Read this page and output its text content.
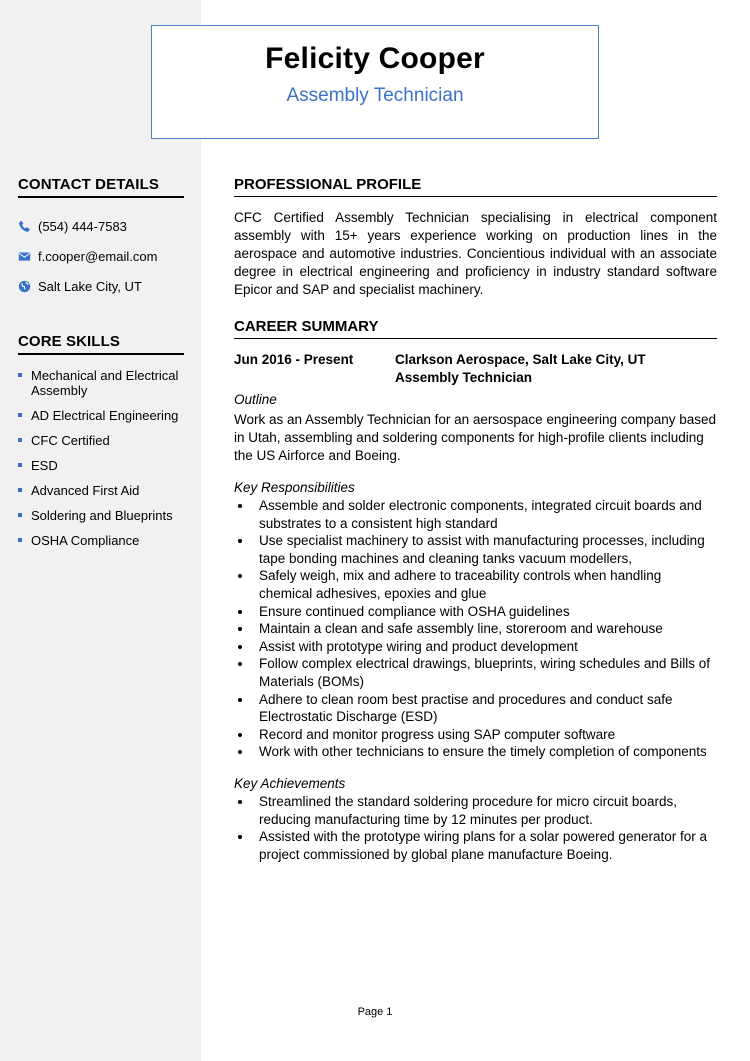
Felicity Cooper
Assembly Technician
CONTACT DETAILS
(554) 444-7583
f.cooper@email.com
Salt Lake City, UT
CORE SKILLS
Mechanical and Electrical Assembly
AD Electrical Engineering
CFC Certified
ESD
Advanced First Aid
Soldering and Blueprints
OSHA Compliance
PROFESSIONAL PROFILE

CFC Certified Assembly Technician specialising in electrical component assembly with 15+ years experience working on production lines in the aerospace and automotive industries. Concientious individual with an associate degree in electrical engineering and proficiency in industry standard software Epicor and SAP and specialist machinery.

CAREER SUMMARY
Jun 2016 - Present	Clarkson Aerospace, Salt Lake City, UT
Assembly Technician
Outline

Work as an Assembly Technician for an aersospace engineering company based in Utah, assembling and soldering components for high-profile clients including the US Airforce and Boeing.

Key Responsibilities
Assemble and solder electronic components, integrated circuit boards and substrates to a consistent high standard
Use specialist machinery to assist with manufacturing processes, including tape bonding machines and cleaning tanks vacuum modellers,
Safely weigh, mix and adhere to traceability controls when handling chemical adhesives, epoxies and glue
Ensure continued compliance with OSHA guidelines
Maintain a clean and safe assembly line, storeroom and warehouse
Assist with prototype wiring and product development
Follow complex electrical drawings, blueprints, wiring schedules and Bills of Materials (BOMs)
Adhere to clean room best practise and procedures and conduct safe Electrostatic Discharge (ESD)
Record and monitor progress using SAP computer software
Work with other technicians to ensure the timely completion of components
Key Achievements
Streamlined the standard soldering procedure for micro circuit boards, reducing manufacturing time by 12 minutes per product.
Assisted with the prototype wiring plans for a solar powered generator for a project commissioned by global plane manufacture Boeing.
Page 1
